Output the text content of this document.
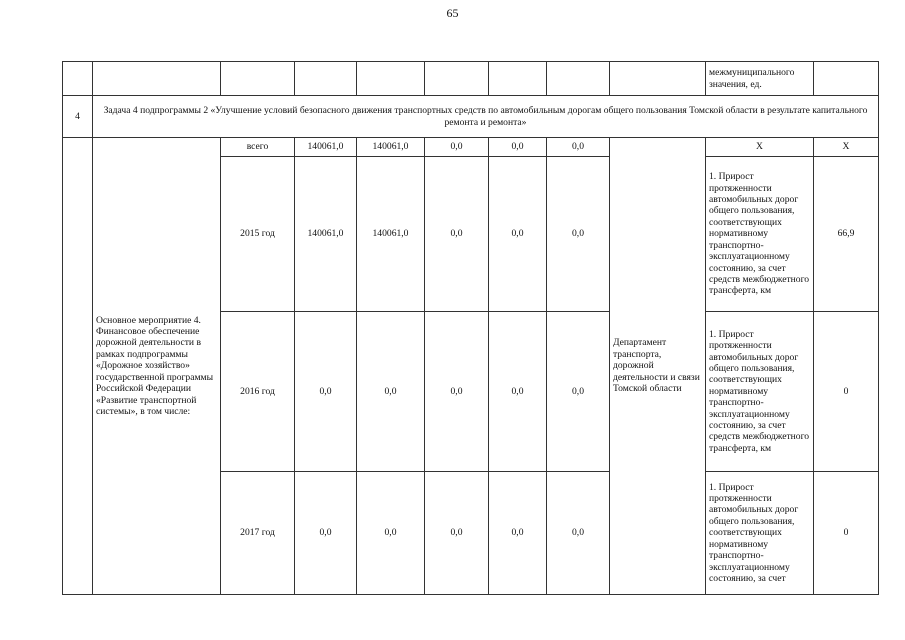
65
									межмуниципального значения, ед.	
4	Задача 4 подпрограммы 2 «Улучшение условий безопасного движения транспортных средств по автомобильным дорогам общего пользования Томской области в результате капитального ремонта и ремонта»									
	Основное мероприятие 4. Финансовое обеспечение дорожной деятельности в рамках подпрограммы «Дорожное хозяйство» государственной программы Российской Федерации «Развитие транспортной системы», в том числе:	всего	140061,0	140061,0	0,0	0,0	0,0	Департамент транспорта, дорожной деятельности и связи Томской области	Х	Х
		2015 год	140061,0	140061,0	0,0	0,0	0,0		1. Прирост протяженности автомобильных дорог общего пользования, соответствующих нормативному транспортно-эксплуатационному состоянию, за счет средств межбюджетного трансферта, км	66,9
		2016 год	0,0	0,0	0,0	0,0	0,0		1. Прирост протяженности автомобильных дорог общего пользования, соответствующих нормативному транспортно-эксплуатационному состоянию, за счет средств межбюджетного трансферта, км	0
		2017 год	0,0	0,0	0,0	0,0	0,0		1. Прирост протяженности автомобильных дорог общего пользования, соответствующих нормативному транспортно-эксплуатационному состоянию, за счет	0
